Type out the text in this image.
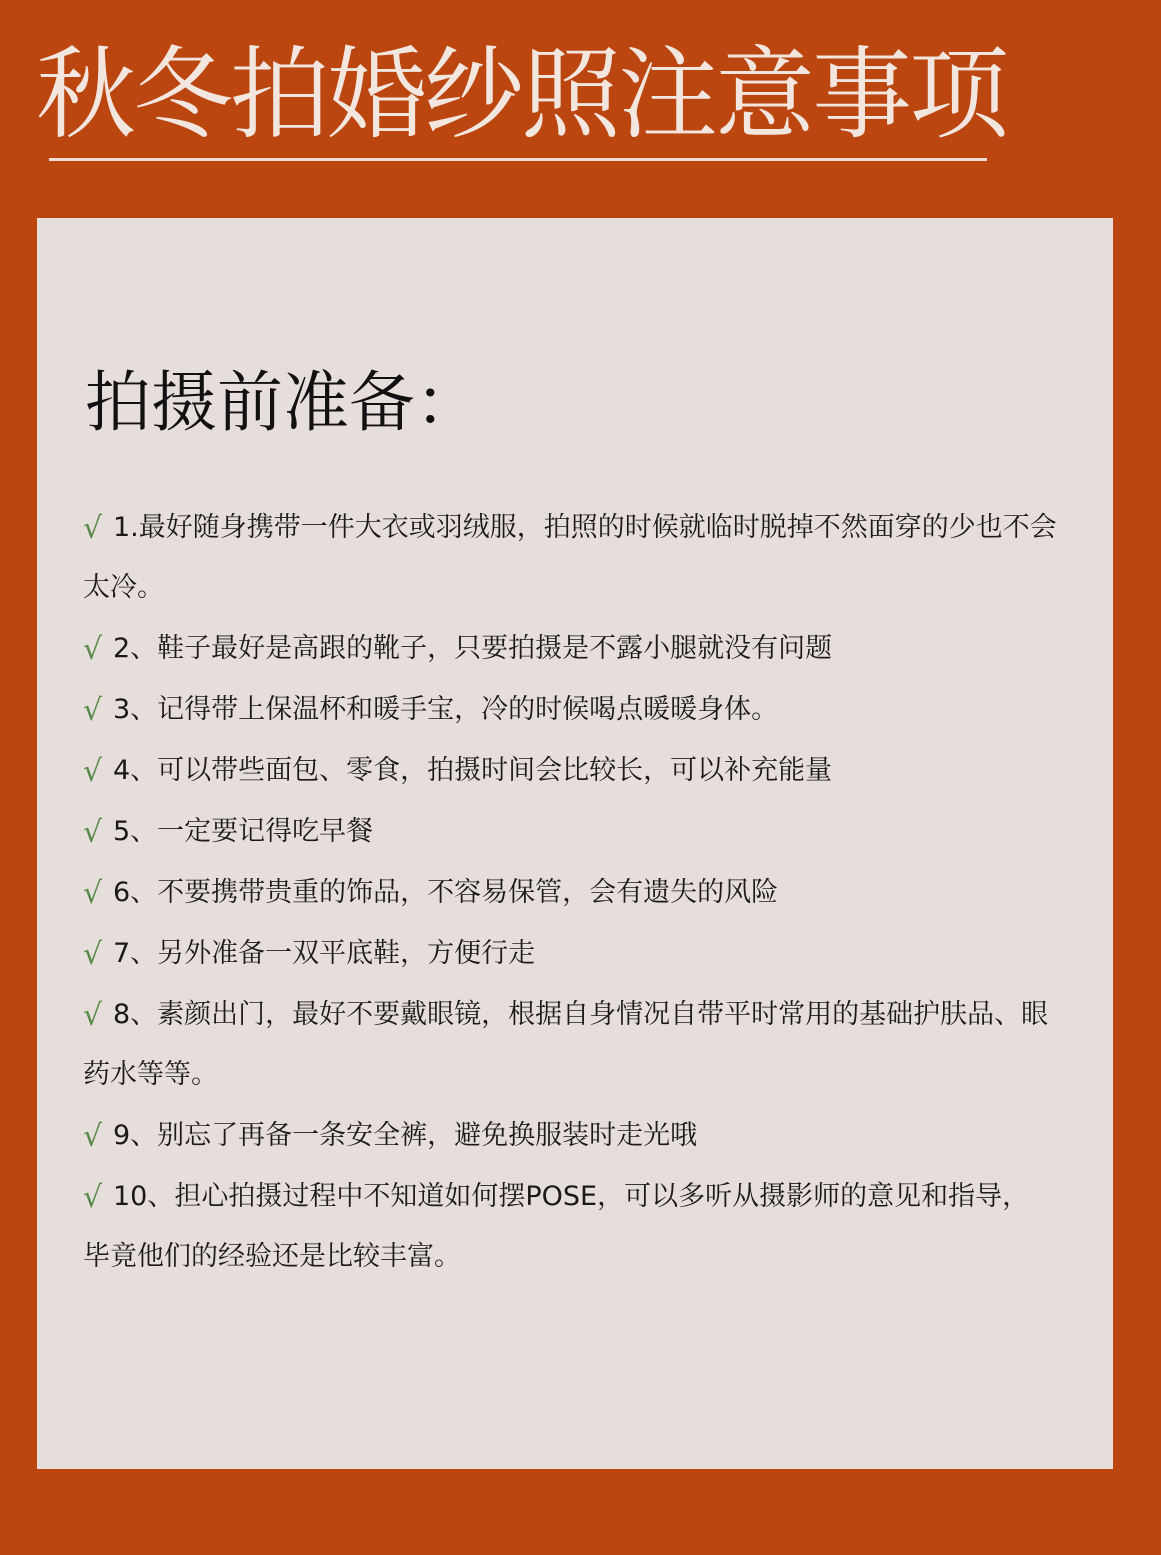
秋冬拍婚纱照注意事项
拍摄前准备：
√ 1.最好随身携带一件大衣或羽绒服，拍照的时候就临时脱掉不然面穿的少也不会
太冷。
√ 2、鞋子最好是高跟的靴子，只要拍摄是不露小腿就没有问题
√ 3、记得带上保温杯和暖手宝，冷的时候喝点暖暖身体。
√ 4、可以带些面包、零食，拍摄时间会比较长，可以补充能量
√ 5、一定要记得吃早餐
√ 6、不要携带贵重的饰品，不容易保管，会有遗失的风险
√ 7、另外准备一双平底鞋，方便行走
√ 8、素颜出门，最好不要戴眼镜，根据自身情况自带平时常用的基础护肤品、眼
药水等等。
√ 9、别忘了再备一条安全裤，避免换服装时走光哦
√ 10、担心拍摄过程中不知道如何摆POSE，可以多听从摄影师的意见和指导，
毕竟他们的经验还是比较丰富。
